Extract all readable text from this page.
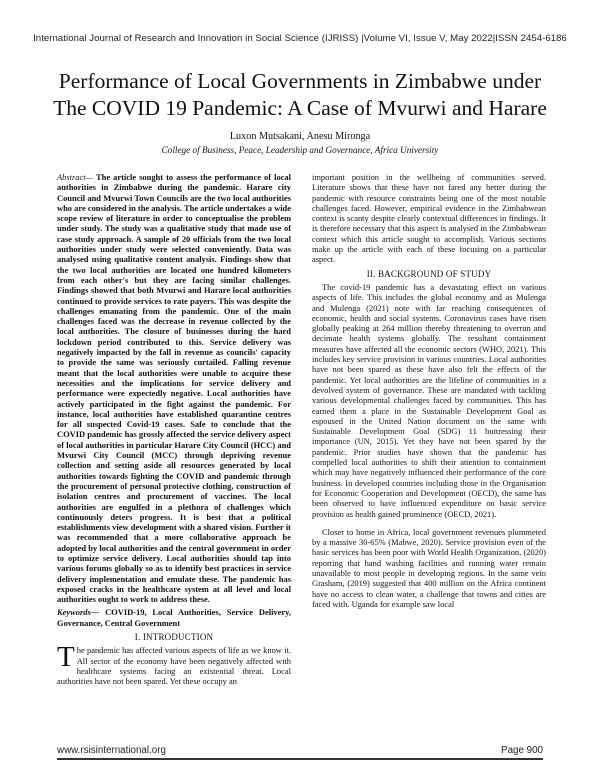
International Journal of Research and Innovation in Social Science (IJRISS) |Volume VI, Issue V, May 2022|ISSN 2454-6186
Performance of Local Governments in Zimbabwe under
The COVID 19 Pandemic: A Case of Mvurwi and Harare
Luxon Mutsakani, Anesu Mironga
College of Business, Peace, Leadership and Governance, Africa University

Abstract— The article sought to assess the performance of local authorities in Zimbabwe during the pandemic. Harare city Council and Mvurwi Town Councils are the two local authorities who are considered in the analysis. The article undertakes a wide scope review of literature in order to conceptualise the problem under study. The study was a qualitative study that made use of case study approach. A sample of 20 officials from the two local authorities under study were selected conveniently. Data was analysed using qualitative content analysis. Findings show that the two local authorities are located one hundred kilometers from each other's but they are facing similar challenges. Findings showed that both Mvurwi and Harare local authorities continued to provide services to rate payers. This was despite the challenges emanating from the pandemic. One of the main challenges faced was the decrease in revenue collected by the local authorities. The closure of businesses during the hard lockdown period contributed to this. Service delivery was negatively impacted by the fall in revenue as councils' capacity to provide the same was seriously curtailed. Falling revenue meant that the local authorities were unable to acquire these necessities and the implications for service delivery and performance were expectedly negative. Local authorities have actively participated in the fight against the pandemic. For instance, local authorities have established quarantine centres for all suspected Covid-19 cases. Safe to conclude that the COVID pandemic has grossly affected the service delivery aspect of local authorities in particular Harare City Council (HCC) and Mvurwi City Council (MCC) through depriving revenue collection and setting aside all resources generated by local authorities towards fighting the COVID and pandemic through the procurement of personal protective clothing, construction of isolation centres and procurement of vaccines. The local authorities are engulfed in a plethora of challenges which continuously deters progress. It is best that a political establishments view development with a shared vision. Further it was recommended that a more collaborative approach be adopted by local authorities and the central government in order to optimize service delivery. Local authorities should tap into various forums globally so as to identify best practices in service delivery implementation and emulate these. The pandemic has exposed cracks in the healthcare system at all level and local authorities ought to work to address these.

Keywords— COVID-19, Local Authorities, Service Delivery, Governance, Central Government

I. INTRODUCTION

The pandemic has affected various aspects of life as we know it. All sector of the economy have been negatively affected with healthcare systems facing an existential threat. Local authorities have not been spared. Yet these occupy an

important position in the wellbeing of communities served. Literature shows that these have not fared any better during the pandemic with resource constraints being one of the most notable challenges faced. However, empirical evidence in the Zimbabwean context is scanty despite clearly contextual differences in findings. It is therefore necessary that this aspect is analysed in the Zimbabwean context which this article sought to accomplish. Various sections make up the article with each of these focusing on a particular aspect.

II. BACKGROUND OF STUDY

The covid-19 pandemic has a devastating effect on various aspects of life. This includes the global economy and as Mulenga and Mulenga (2021) note with far reaching consequences of economic, health and social systems. Coronavirus cases have risen globally peaking at 264 million thereby threatening to overrun and decimate health systems globally. The resultant containment measures have affected all the economic sectors (WHO, 2021). This includes key service provision in various countries. Local authorities have not been spared as these have also felt the effects of the pandemic. Yet local authorities are the lifeline of communities in a devolved system of governance. These are mandated with tackling various developmental challenges faced by communities. This has earned them a place in the Sustainable Development Goal as espoused in the United Nation document on the same with Sustainable Development Goal (SDG) 11 buttressing their importance (UN, 2015). Yet they have not been spared by the pandemic. Prior studies have shown that the pandemic has compelled local authorities to shift their attention to containment which may have negatively influenced their performance of the core business. In developed countries including those in the Organisation for Economic Cooperation and Development (OECD), the same has been observed to have influenced expenditure on basic service provision as health gained prominence (OECD, 2021).

Closer to home in Africa, local government revenues plummeted by a massive 30-65% (Mabwe, 2020). Service provision even of the basic services has been poor with World Health Organization, (2020) reporting that hand washing facilities and running water remain unavailable to most people in developing regions. In the same vein Grasham, (2019) suggested that 400 million on the Africa continent have no access to clean water, a challenge that towns and cities are faced with. Uganda for example saw local

www.rsisinternational.org	Page 900
